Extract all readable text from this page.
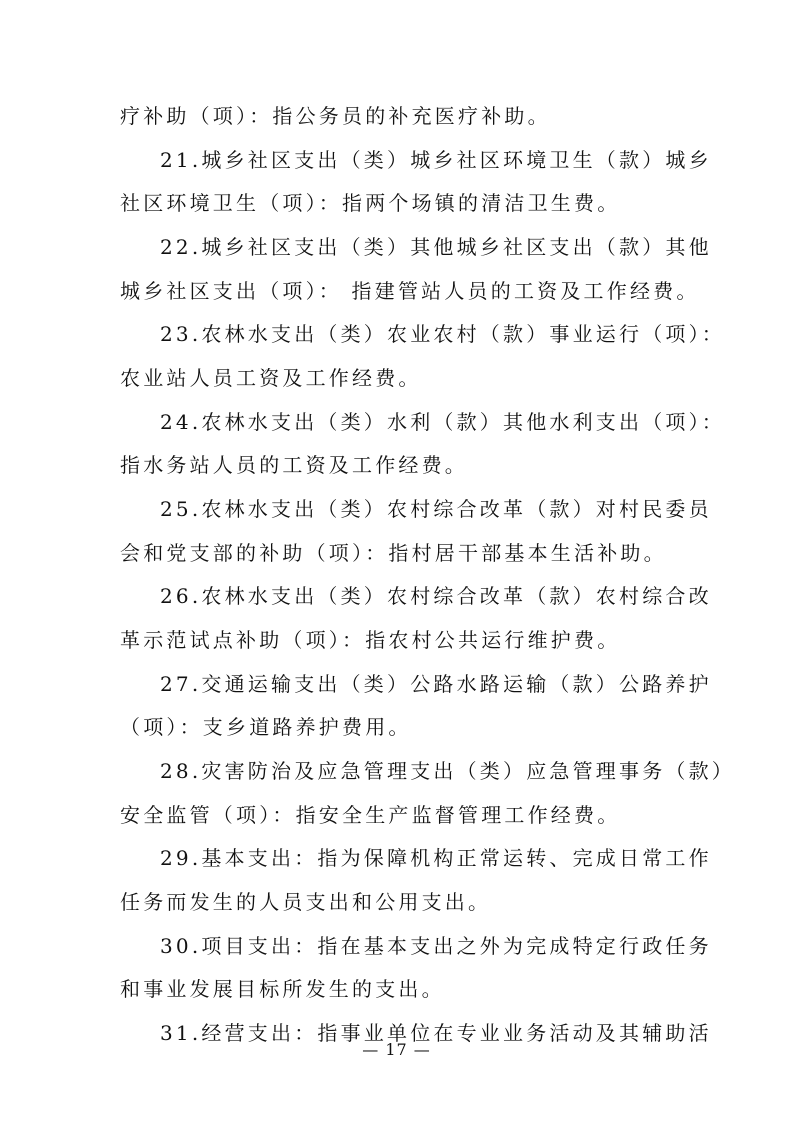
疗补助（项）：指公务员的补充医疗补助。
21.城乡社区支出（类）城乡社区环境卫生（款）城乡
社区环境卫生（项）：指两个场镇的清洁卫生费。
22.城乡社区支出（类）其他城乡社区支出（款）其他
城乡社区支出（项）： 指建管站人员的工资及工作经费。
23.农林水支出（类）农业农村（款）事业运行（项）：
农业站人员工资及工作经费。
24.农林水支出（类）水利（款）其他水利支出（项）：
指水务站人员的工资及工作经费。
25.农林水支出（类）农村综合改革（款）对村民委员
会和党支部的补助（项）：指村居干部基本生活补助。
26.农林水支出（类）农村综合改革（款）农村综合改
革示范试点补助（项）：指农村公共运行维护费。
27.交通运输支出（类）公路水路运输（款）公路养护
（项）：支乡道路养护费用。
28.灾害防治及应急管理支出（类）应急管理事务（款）
安全监管（项）：指安全生产监督管理工作经费。
29.基本支出：指为保障机构正常运转、完成日常工作
任务而发生的人员支出和公用支出。
30.项目支出：指在基本支出之外为完成特定行政任务
和事业发展目标所发生的支出。
31.经营支出：指事业单位在专业业务活动及其辅助活
— 17 —
